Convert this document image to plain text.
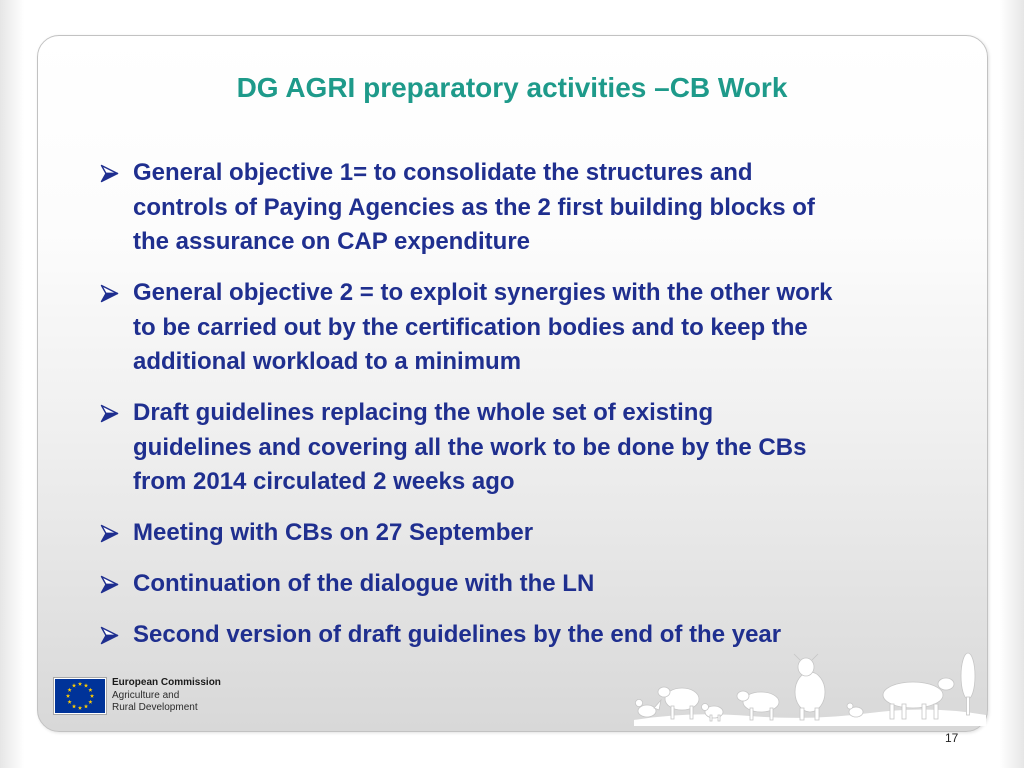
DG AGRI preparatory activities –CB Work
General objective 1= to consolidate the structures and
controls of Paying Agencies as the 2 first building blocks of
the assurance on CAP expenditure
General objective 2 = to exploit synergies with the other work
to be carried out by the certification bodies and to keep the
additional workload to a minimum
Draft guidelines replacing the whole set of existing
guidelines and covering all the work to be done by the CBs
from 2014 circulated 2 weeks ago
Meeting with CBs on 27 September
Continuation of the dialogue with the LN
Second version of draft guidelines by the end of the year
European Commission
Agriculture and
Rural Development
17
